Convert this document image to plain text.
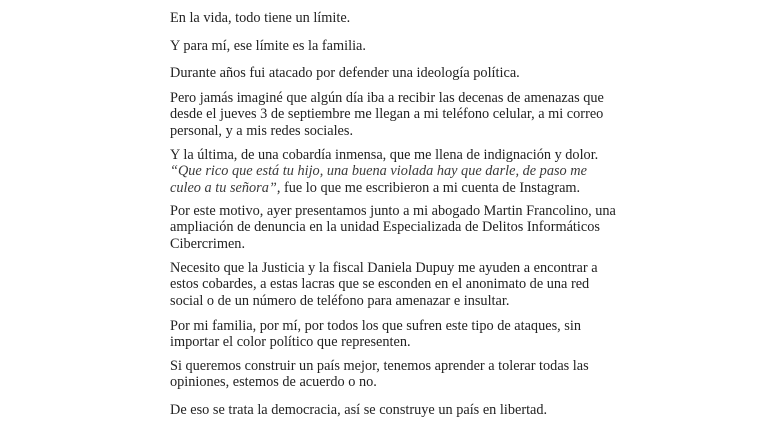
En la vida, todo tiene un límite.

Y para mí, ese límite es la familia.

Durante años fui atacado por defender una ideología política.

Pero jamás imaginé que algún día iba a recibir las decenas de amenazas que
desde el jueves 3 de septiembre me llegan a mi teléfono celular, a mi correo
personal, y a mis redes sociales.

Y la última, de una cobardía inmensa, que me llena de indignación y dolor.
“Que rico que está tu hijo, una buena violada hay que darle, de paso me
culeo a tu señora”, fue lo que me escribieron a mi cuenta de Instagram.

Por este motivo, ayer presentamos junto a mi abogado Martin Francolino, una
ampliación de denuncia en la unidad Especializada de Delitos Informáticos
Cibercrimen.

Necesito que la Justicia y la fiscal Daniela Dupuy me ayuden a encontrar a
estos cobardes, a estas lacras que se esconden en el anonimato de una red
social o de un número de teléfono para amenazar e insultar.

Por mi familia, por mí, por todos los que sufren este tipo de ataques, sin
importar el color político que representen.

Si queremos construir un país mejor, tenemos aprender a tolerar todas las
opiniones, estemos de acuerdo o no.

De eso se trata la democracia, así se construye un país en libertad.
